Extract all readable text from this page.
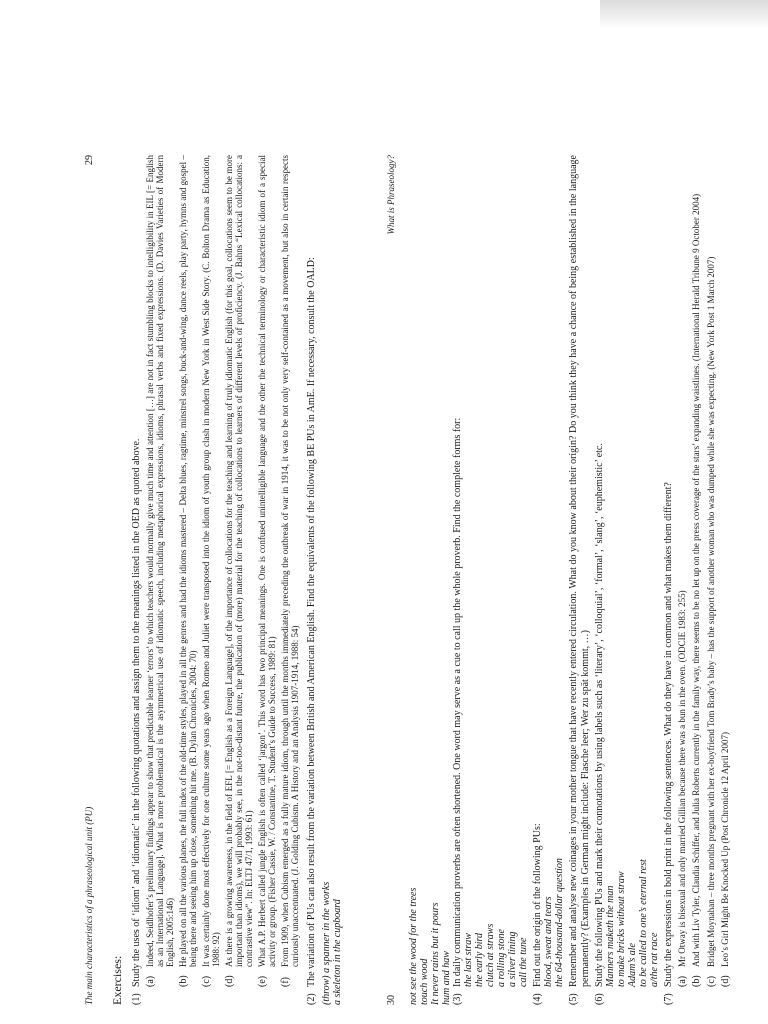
The main characteristics of a phraseological unit (PU)
29
Exercises: (1)
Study the uses of ‘idiom’ and ‘idiomatic’ in the following quotations and assign them to the meanings listed in the OED as quoted above. (a)
Indeed, Seidlhofer’s preliminary findings appear to show that predictable learner ‘errors’ to which teachers would normally give much time and attention […] are not in fact stumbling blocks to intelligibility in EIL [= English as an International Language]. What is more problematical is the asymmetrical use of idiomatic speech, including metaphorical expressions, idioms, phrasal verbs and fixed expressions. (D. Davies Varieties of Modern English, 2005:146)
(b)
He played on all the various planes, the full index of the old-time styles, played in all the genres and had the idioms mastered – Delta blues, ragtime, minstrel songs, buck-and-wing, dance reels, play party, hymns and gospel – being there and seeing him up close, something hit me. (B. Dylan Chronicles, 2004: 70)
(c)
It was certainly done most effectively for one culture some years ago when Romeo and Juliet were transposed into the idiom of youth group clash in modern New York in West Side Story. (C. Bolton Drama as Education, 1988: 92)
(d)
As there is a growing awareness, in the field of EFL [= English as a Foreign Language], of the importance of collocations for the teaching and learning of truly idiomatic English (for this goal, collocations seem to be more important than idioms), we will probably see, in the not-too-distant future, the publication of (more) material for the teaching of collocations to learners of different levels of proficiency. (J. Bahns “Lexical collocations: a contrastive view”. In: ELTJ 47/1, 1993: 61)
(e)
What A.P. Herbert called jungle English is often called ‘jargon’. This word has two principal meanings. One is confused unintelligible language and the other the technical terminology or characteristic idiom of a special activity or group. (Fisher Cassie, W. / Constantine, T. Student’s Guide to Success, 1989: 81)
(f)
From 1909, when Cubism emerged as a fully mature idiom, through until the months immediately preceding the outbreak of war in 1914, it was to be not only very self-contained as a movement, but also in certain respects curiously unaccentuated. (J. Golding Cubism. A History and an Analysis 1907-1914, 1988: 54)
(2)
The variation of PUs can also result from the variation between British and American English. Find the equivalents of the following BE PUs in AmE. If necessary, consult the OALD: (throw) a spanner in the works a skeleton in the cupboard	30
What is Phraseology?
not see the wood for the trees touch wood It never rains but it pours hum and haw (3)
In daily communication proverbs are often shortened. One word may serve as a cue to call up the whole proverb. Find the complete forms for: the last straw the early bird clutch at straws a rolling stone a silver lining call the tune
(4)
Find out the origin of the following PUs: blood, sweat and tears the 64-thousand-dollar question
(5)
Remember and analyse new coinages in your mother tongue that have recently entered circulation. What do you know about their origin? Do you think they have a chance of being established in the language permanently? (Examples in German might include: Flasche leer; Wer zu spät kommt, …)
(6)
Study the following PUs and mark their connotations by using labels such as ‘literary’, ‘colloquial’, ‘formal’, ‘slang’, ‘euphemistic’ etc. Manners maketh the man to make bricks without straw Adam’s ale to be called to one’s eternal rest a/the rat race
(7)
Study the expressions in bold print in the following sentences. What do they have in common and what makes them different? (a)
Mr Otway is bisexual and only married Gillian because there was a bun in the oven. (ODCIE 1983: 255)
(b)
And with Liv Tyler, Claudia Schiffer, and Julia Roberts currently in the family way, there seems to be no let up on the press coverage of the stars’ expanding waistlines. (International Herald Tribune 9 October 2004)
(c)
Bridget Moynahan – three months pregnant with her ex-boyfriend Tom Brady’s baby – has the support of another woman who was dumped while she was expecting. (New York Post 1 March 2007)
(d)
Leo’s Girl Might Be Knocked Up (Post Chronicle 12 April 2007)
